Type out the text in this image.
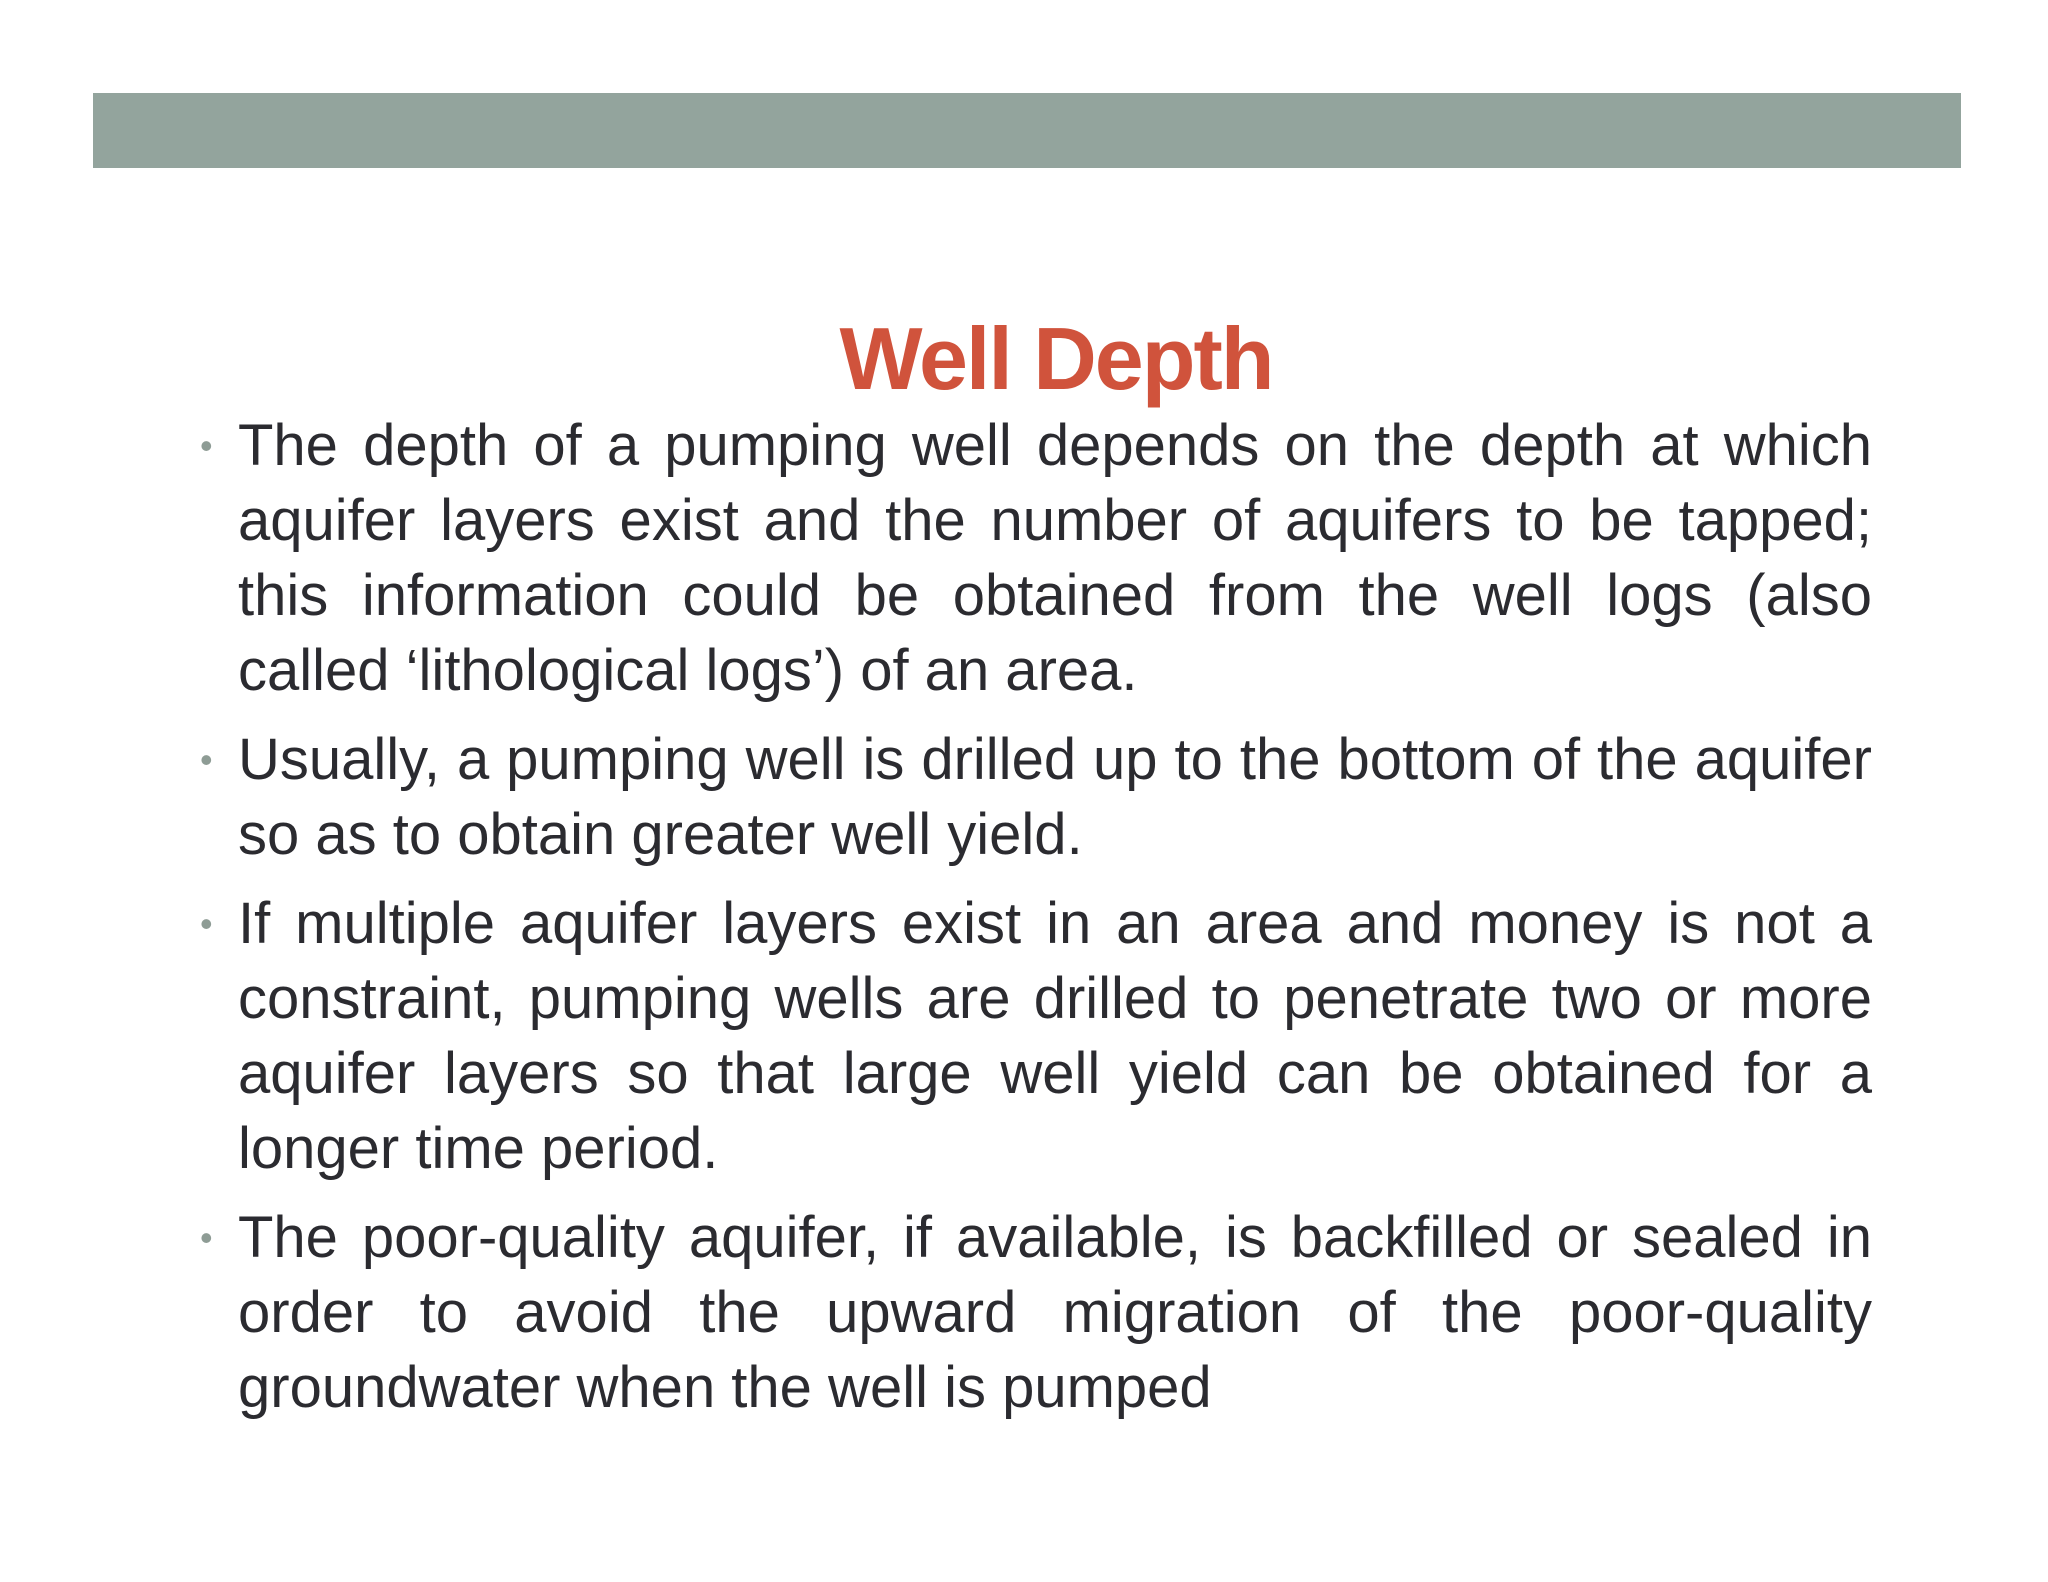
Well Depth
• The depth of a pumping well depends on the depth at which aquifer layers exist and the number of aquifers to be tapped; this information could be obtained from the well logs (also called ‘lithological logs’) of an area.
• Usually, a pumping well is drilled up to the bottom of the aquifer so as to obtain greater well yield.
• If multiple aquifer layers exist in an area and money is not a constraint, pumping wells are drilled to penetrate two or more aquifer layers so that large well yield can be obtained for a longer time period.
• The poor-quality aquifer, if available, is backfilled or sealed in order to avoid the upward migration of the poor-quality groundwater when the well is pumped
